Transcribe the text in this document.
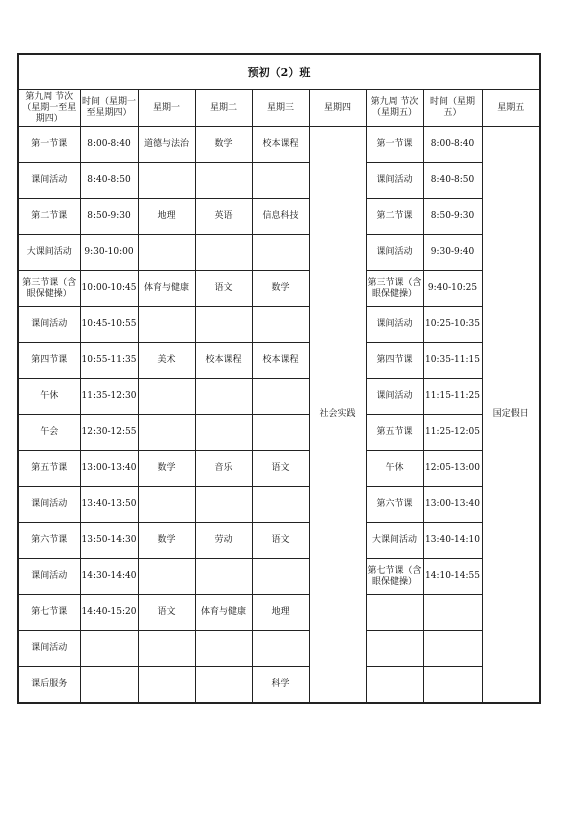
预初（2）班								
第九周 节次（星期一至星期四）	时间（星期一至星期四）	星期一	星期二	星期三	星期四	第九周 节次（星期五）	时间（星期五）	星期五
第一节课	8:00-8:40	道德与法治	数学	校本课程	社会实践	第一节课	8:00-8:40	国定假日
课间活动	8:40-8:50					课间活动	8:40-8:50	
第二节课	8:50-9:30	地理	英语	信息科技		第二节课	8:50-9:30	
大课间活动	9:30-10:00					课间活动	9:30-9:40	
第三节课（含眼保健操）	10:00-10:45	体育与健康	语文	数学		第三节课（含眼保健操）	9:40-10:25	
课间活动	10:45-10:55					课间活动	10:25-10:35	
第四节课	10:55-11:35	美术	校本课程	校本课程		第四节课	10:35-11:15	
午休	11:35-12:30					课间活动	11:15-11:25	
午会	12:30-12:55					第五节课	11:25-12:05	
第五节课	13:00-13:40	数学	音乐	语文		午休	12:05-13:00	
课间活动	13:40-13:50					第六节课	13:00-13:40	
第六节课	13:50-14:30	数学	劳动	语文		大课间活动	13:40-14:10	
课间活动	14:30-14:40					第七节课（含眼保健操）	14:10-14:55	
第七节课	14:40-15:20	语文	体育与健康	地理				
课间活动								
课后服务				科学				
